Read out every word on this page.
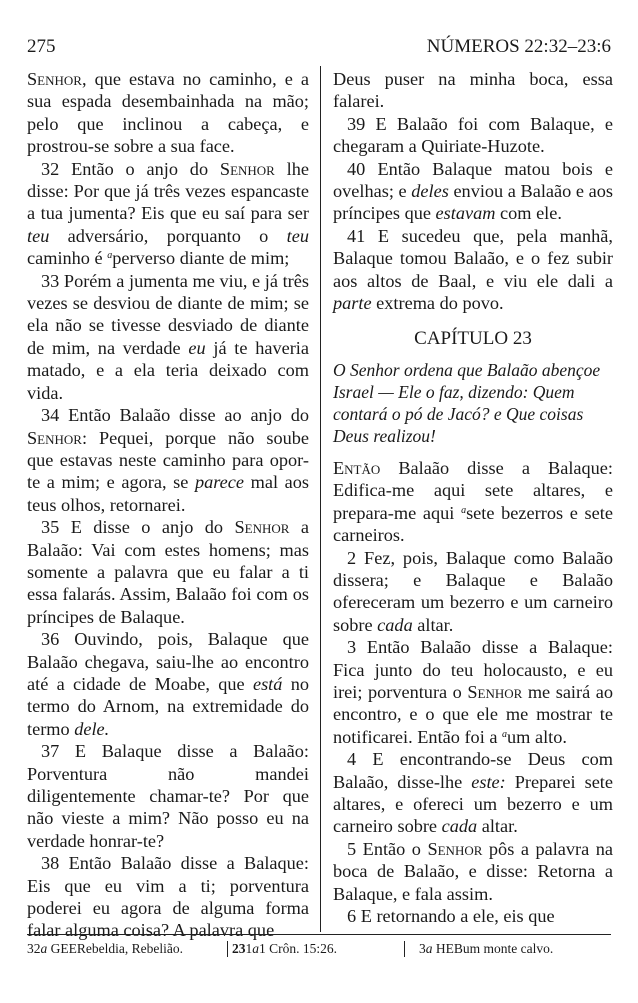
275	NÚMEROS 22:32–23:6

Senhor, que estava no caminho, e a sua espada desembainhada na mão; pelo que inclinou a cabeça, e prostrou-se sobre a sua face.

32 Então o anjo do Senhor lhe disse: Por que já três vezes espancaste a tua jumenta? Eis que eu saí para ser teu adversário, porquanto o teu caminho é $^a$perverso diante de mim;

33 Porém a jumenta me viu, e já três vezes se desviou de diante de mim; se ela não se tivesse desviado de diante de mim, na verdade eu já te haveria matado, e a ela teria deixado com vida.

34 Então Balaão disse ao anjo do Senhor: Pequei, porque não soube que estavas neste caminho para opor-te a mim; e agora, se parece mal aos teus olhos, retornarei.

35 E disse o anjo do Senhor a Balaão: Vai com estes homens; mas somente a palavra que eu falar a ti essa falarás. Assim, Balaão foi com os príncipes de Balaque.

36 Ouvindo, pois, Balaque que Balaão chegava, saiu-lhe ao encontro até a cidade de Moabe, que está no termo do Arnom, na extremidade do termo dele.

37 E Balaque disse a Balaão: Porventura não mandei diligentemente chamar-te? Por que não vieste a mim? Não posso eu na verdade honrar-te?

38 Então Balaão disse a Balaque: Eis que eu vim a ti; porventura poderei eu agora de alguma forma falar alguma coisa? A palavra que

Deus puser na minha boca, essa falarei.

39 E Balaão foi com Balaque, e chegaram a Quiriate-Huzote.

40 Então Balaque matou bois e ovelhas; e deles enviou a Balaão e aos príncipes que estavam com ele.

41 E sucedeu que, pela manhã, Balaque tomou Balaão, e o fez subir aos altos de Baal, e viu ele dali a parte extrema do povo.

CAPÍTULO 23
O Senhor ordena que Balaão abençoe Israel — Ele o faz, dizendo: Quem contará o pó de Jacó? e Que coisas Deus realizou!

Então Balaão disse a Balaque: Edifica-me aqui sete altares, e prepara-me aqui $^a$sete bezerros e sete carneiros.

2 Fez, pois, Balaque como Balaão dissera; e Balaque e Balaão ofereceram um bezerro e um carneiro sobre cada altar.

3 Então Balaão disse a Balaque: Fica junto do teu holocausto, e eu irei; porventura o Senhor me sairá ao encontro, e o que ele me mostrar te notificarei. Então foi a $^a$um alto.

4 E encontrando-se Deus com Balaão, disse-lhe este: Preparei sete altares, e ofereci um bezerro e um carneiro sobre cada altar.

5 Então o Senhor pôs a palavra na boca de Balaão, e disse: Retorna a Balaque, e fala assim.

6 E retornando a ele, eis que

32 a
GEE Rebeldia, Rebelião.	23 1 a 1 Crôn. 15:26.	3 a
HEB um monte calvo.
